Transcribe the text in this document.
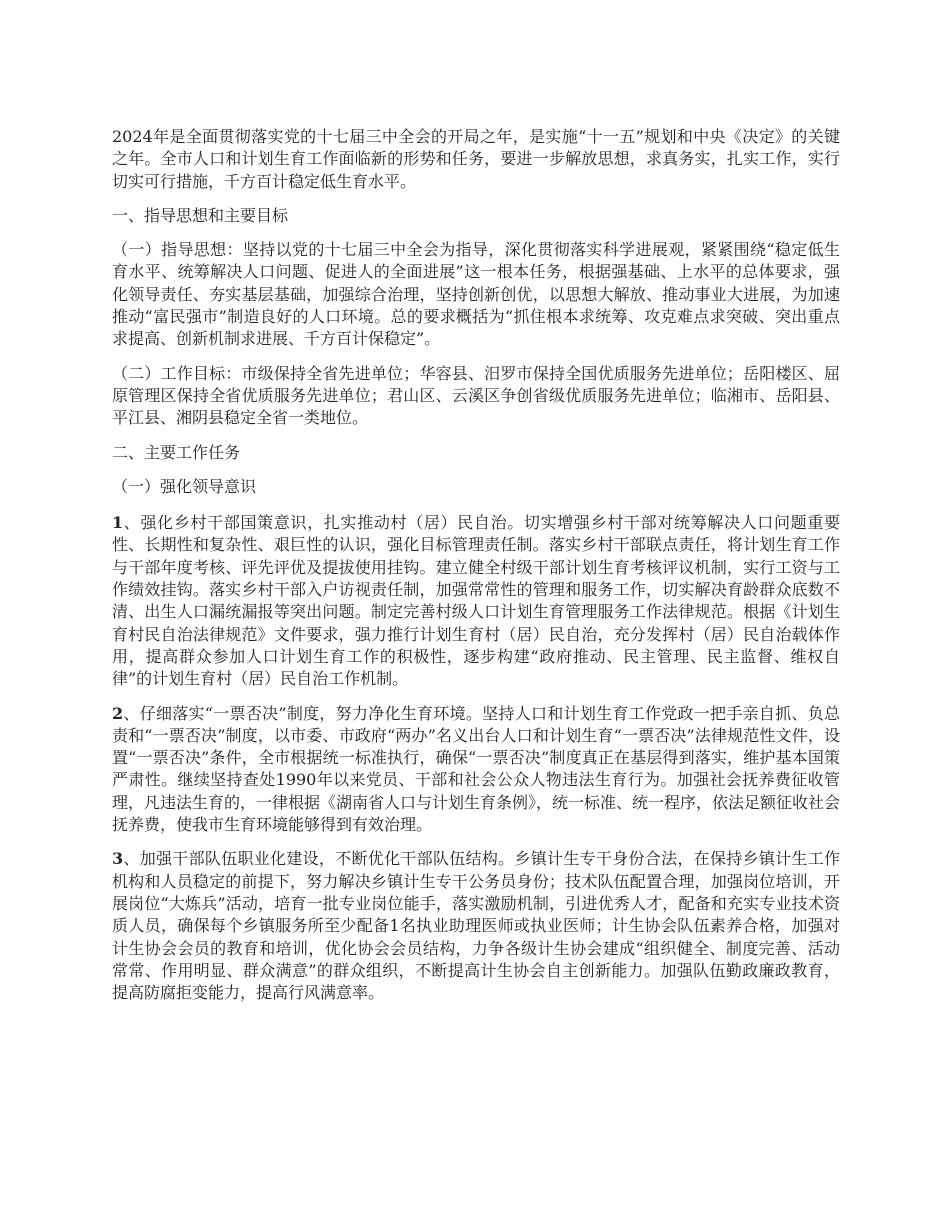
2024年是全面贯彻落实党的十七届三中全会的开局之年，是实施“十一五”规划和中央《决定》的关键之年。全市人口和计划生育工作面临新的形势和任务，要进一步解放思想，求真务实，扎实工作，实行切实可行措施，千方百计稳定低生育水平。

一、指导思想和主要目标

（一）指导思想：坚持以党的十七届三中全会为指导，深化贯彻落实科学进展观，紧紧围绕“稳定低生育水平、统筹解决人口问题、促进人的全面进展”这一根本任务，根据强基础、上水平的总体要求，强化领导责任、夯实基层基础，加强综合治理，坚持创新创优，以思想大解放、推动事业大进展，为加速推动“富民强市”制造良好的人口环境。总的要求概括为“抓住根本求统筹、攻克难点求突破、突出重点求提高、创新机制求进展、千方百计保稳定”。

（二）工作目标：市级保持全省先进单位；华容县、汨罗市保持全国优质服务先进单位；岳阳楼区、屈原管理区保持全省优质服务先进单位；君山区、云溪区争创省级优质服务先进单位；临湘市、岳阳县、平江县、湘阴县稳定全省一类地位。

二、主要工作任务

（一）强化领导意识

1、强化乡村干部国策意识，扎实推动村（居）民自治。切实增强乡村干部对统筹解决人口问题重要性、长期性和复杂性、艰巨性的认识，强化目标管理责任制。落实乡村干部联点责任，将计划生育工作与干部年度考核、评先评优及提拔使用挂钩。建立健全村级干部计划生育考核评议机制，实行工资与工作绩效挂钩。落实乡村干部入户访视责任制，加强常常性的管理和服务工作，切实解决育龄群众底数不清、出生人口漏统漏报等突出问题。制定完善村级人口计划生育管理服务工作法律规范。根据《计划生育村民自治法律规范》文件要求，强力推行计划生育村（居）民自治，充分发挥村（居）民自治载体作用，提高群众参加人口计划生育工作的积极性，逐步构建“政府推动、民主管理、民主监督、维权自律”的计划生育村（居）民自治工作机制。

2、仔细落实“一票否决”制度，努力净化生育环境。坚持人口和计划生育工作党政一把手亲自抓、负总责和“一票否决”制度，以市委、市政府“两办”名义出台人口和计划生育“一票否决”法律规范性文件，设置“一票否决”条件，全市根据统一标准执行，确保“一票否决”制度真正在基层得到落实，维护基本国策严肃性。继续坚持查处1990年以来党员、干部和社会公众人物违法生育行为。加强社会抚养费征收管理，凡违法生育的，一律根据《湖南省人口与计划生育条例》，统一标准、统一程序，依法足额征收社会抚养费，使我市生育环境能够得到有效治理。

3、加强干部队伍职业化建设，不断优化干部队伍结构。乡镇计生专干身份合法，在保持乡镇计生工作机构和人员稳定的前提下，努力解决乡镇计生专干公务员身份；技术队伍配置合理，加强岗位培训，开展岗位“大炼兵”活动，培育一批专业岗位能手，落实激励机制，引进优秀人才，配备和充实专业技术资质人员，确保每个乡镇服务所至少配备1名执业助理医师或执业医师；计生协会队伍素养合格，加强对计生协会会员的教育和培训，优化协会会员结构，力争各级计生协会建成“组织健全、制度完善、活动常常、作用明显、群众满意”的群众组织，不断提高计生协会自主创新能力。加强队伍勤政廉政教育，提高防腐拒变能力，提高行风满意率。
